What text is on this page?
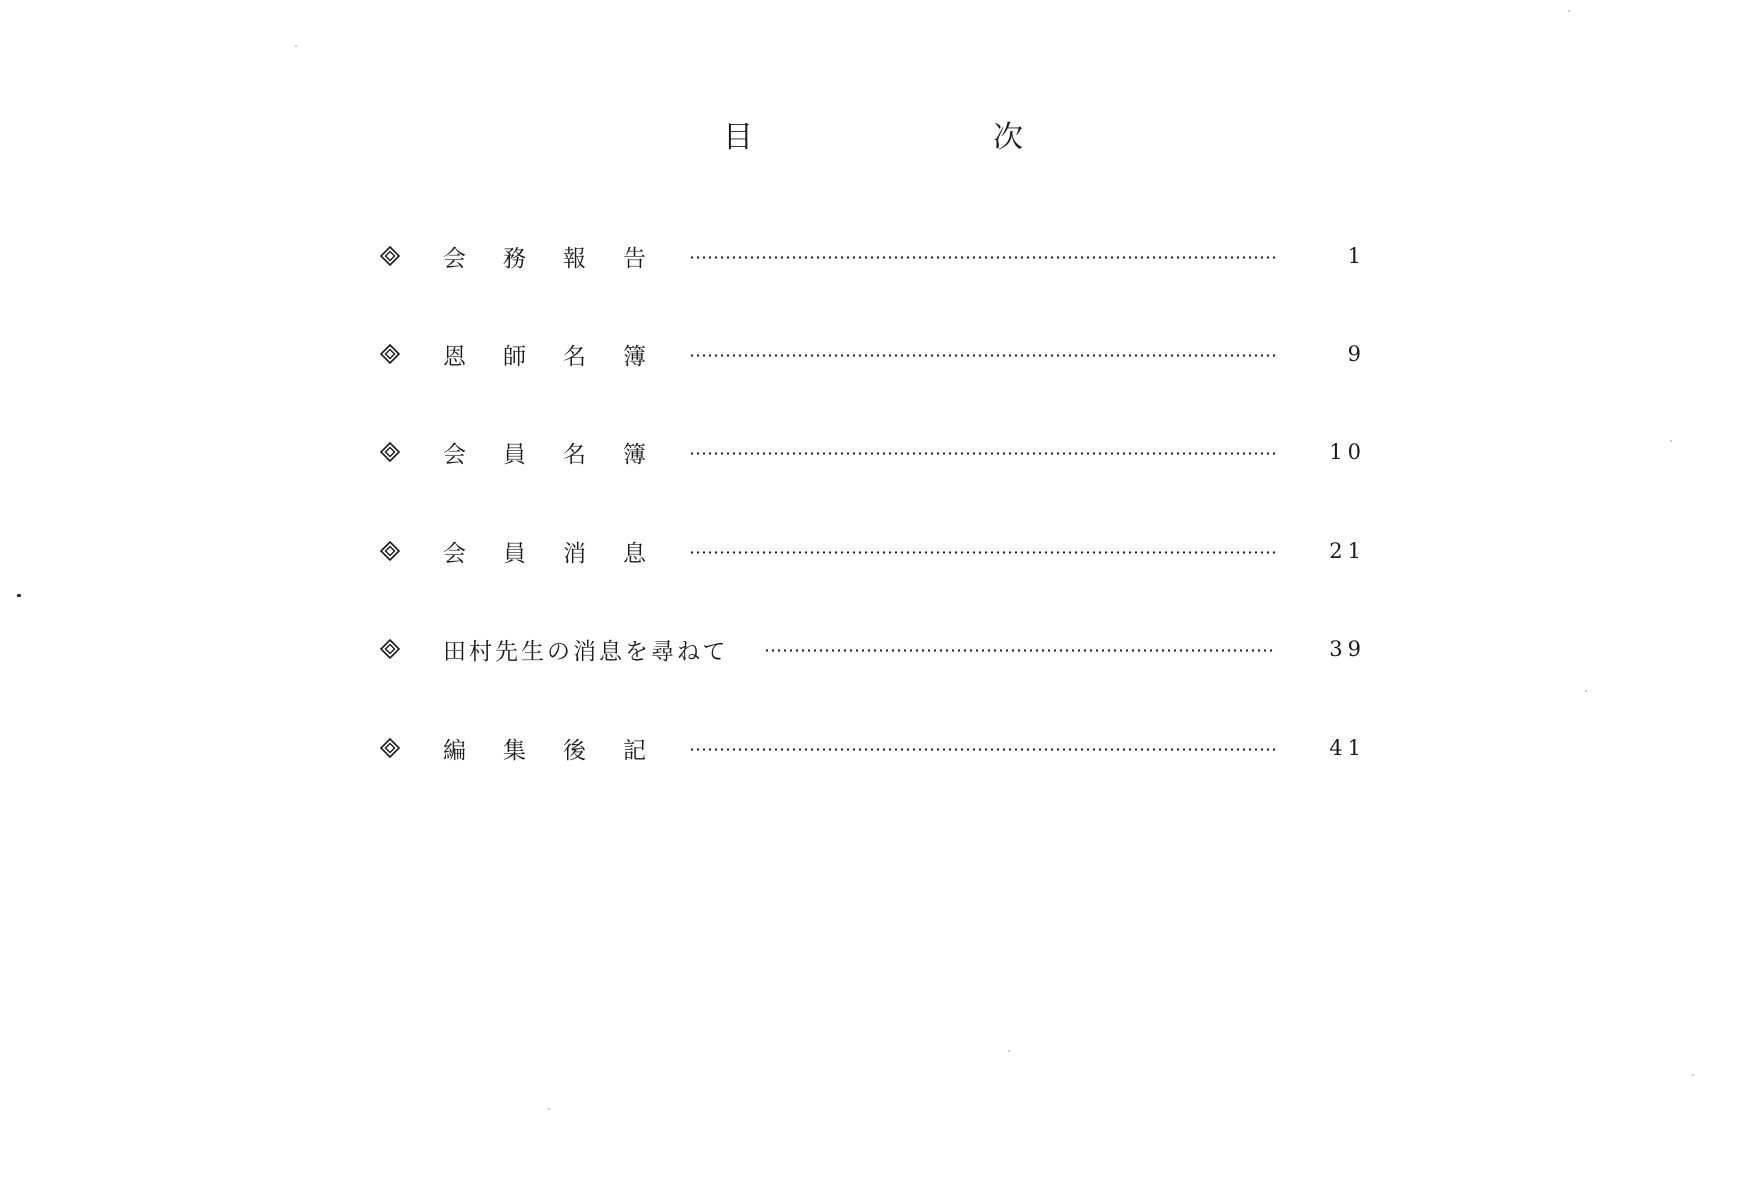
目	次
会 務 報 告	1
恩 師 名 簿	9
会 員 名 簿	10
会 員 消 息	21
田村先生の消息を尋ねて	39
編 集 後 記	41
